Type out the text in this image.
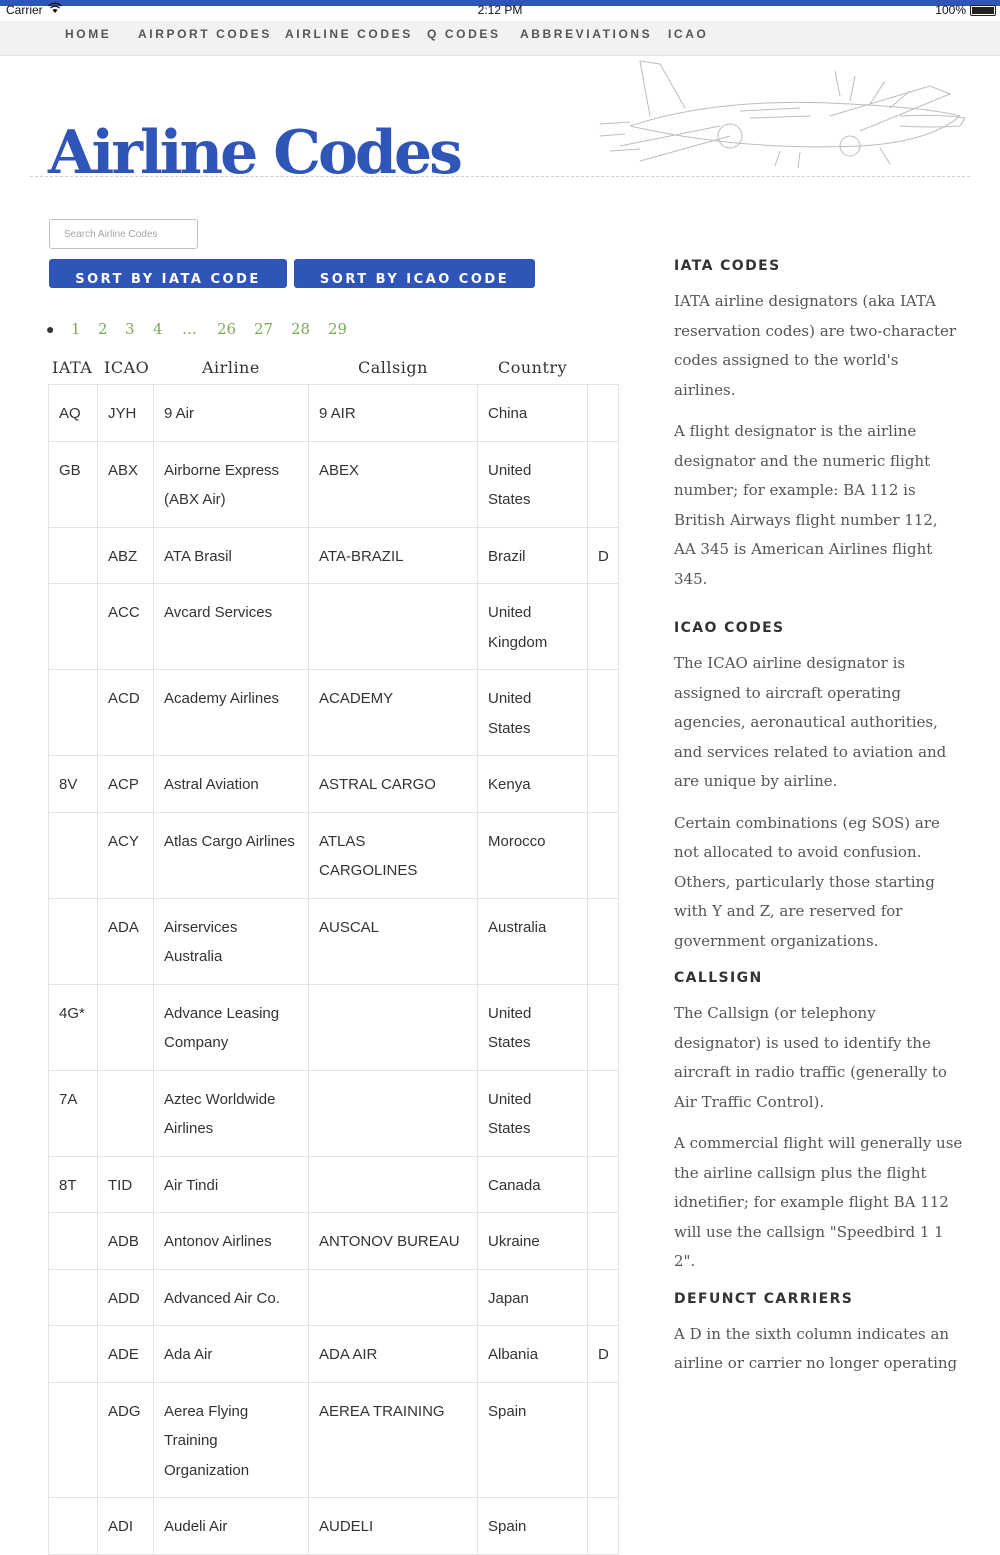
Carrier	2:12 PM	100%
HOME AIRPORT CODES AIRLINE CODES Q CODES ABBREVIATIONS ICAO
Airline Codes
Search Airline Codes
SORT BY IATA CODE	SORT BY ICAO CODE
● 1 2 3 4 … 26 27 28 29
IATA ICAO	Airline	Callsign	Country
AQ	JYH	9 Air	9 AIR	China	
GB	ABX	Airborne Express (ABX Air)	ABEX	United States	
	ABZ	ATA Brasil	ATA-BRAZIL	Brazil	D
	ACC	Avcard Services		United Kingdom	
	ACD	Academy Airlines	ACADEMY	United States	
8V	ACP	Astral Aviation	ASTRAL CARGO	Kenya	
	ACY	Atlas Cargo Airlines	ATLAS CARGOLINES	Morocco	
	ADA	Airservices Australia	AUSCAL	Australia	
4G*		Advance Leasing Company		United States	
7A		Aztec Worldwide Airlines		United States	
8T	TID	Air Tindi		Canada	
	ADB	Antonov Airlines	ANTONOV BUREAU	Ukraine	
	ADD	Advanced Air Co.		Japan	
	ADE	Ada Air	ADA AIR	Albania	D
	ADG	Aerea Flying Training Organization	AEREA TRAINING	Spain	
	ADI	Audeli Air	AUDELI	Spain	
IATA CODES

IATA airline designators (aka IATA reservation codes) are two-character codes assigned to the world's airlines.

A flight designator is the airline designator and the numeric flight number; for example: BA 112 is British Airways flight number 112, AA 345 is American Airlines flight 345.

ICAO CODES

The ICAO airline designator is assigned to aircraft operating agencies, aeronautical authorities, and services related to aviation and are unique by airline.

Certain combinations (eg SOS) are not allocated to avoid confusion. Others, particularly those starting with Y and Z, are reserved for government organizations.

CALLSIGN

The Callsign (or telephony designator) is used to identify the aircraft in radio traffic (generally to Air Traffic Control).

A commercial flight will generally use the airline callsign plus the flight idnetifier; for example flight BA 112 will use the callsign "Speedbird 1 1 2".

DEFUNCT CARRIERS

A D in the sixth column indicates an airline or carrier no longer operating
